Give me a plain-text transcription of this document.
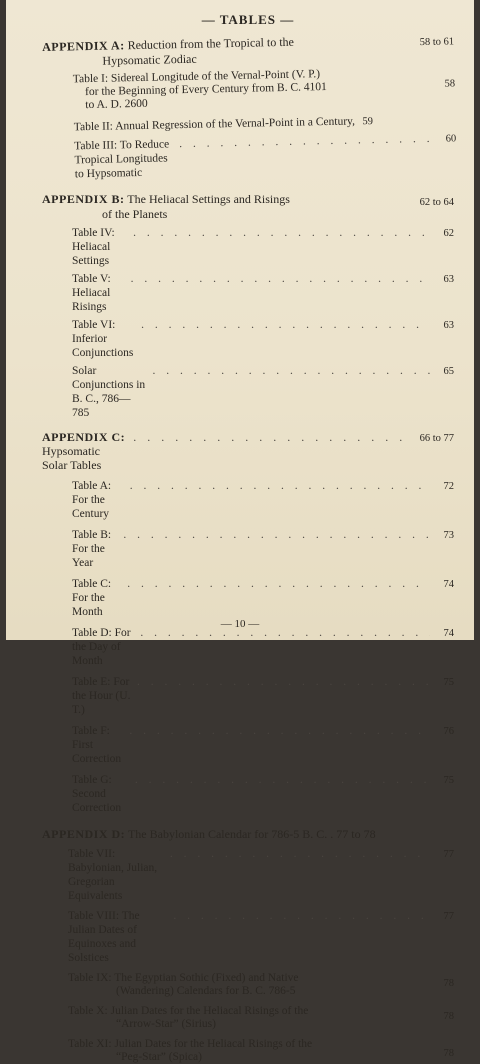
— TABLES —
APPENDIX A: Reduction from the Tropical to the
Hypsomatic Zodiac
58 to 61
Table I: Sidereal Longitude of the Vernal-Point (V. P.)
for the Beginning of Every Century from B. C. 4101
to A. D. 2600
58
Table II: Annual Regression of the Vernal-Point in a Century, 59
Table III: To Reduce Tropical Longitudes to Hypsomatic
. . .
60
APPENDIX B: The Heliacal Settings and Risings
of the Planets
62 to 64
Table IV: Heliacal Settings
. . .
62
Table V: Heliacal Risings
. . .
63
Table VI: Inferior Conjunctions
. . .
63
Solar Conjunctions in B. C., 786—785
. . .
65
APPENDIX C: Hypsomatic Solar Tables
. . .
66 to 77
Table A: For the Century
. . .
72
Table B: For the Year
. . .
73
Table C: For the Month
. . .
74
Table D: For the Day of Month
. . .
74
Table E: For the Hour (U. T.)
. . .
75
Table F: First Correction
. . .
76
Table G: Second Correction
. . .
75
APPENDIX D: The Babylonian Calendar for 786-5 B. C. . 77 to 78
Table VII: Babylonian, Julian, Gregorian Equivalents
. . .
77
Table VIII: The Julian Dates of Equinoxes and Solstices
. . .
77
Table IX: The Egyptian Sothic (Fixed) and Native
(Wandering) Calendars for B. C. 786-5
78
Table X: Julian Dates for the Heliacal Risings of the
“Arrow-Star” (Sirius)
78
Table XI: Julian Dates for the Heliacal Risings of the
“Peg-Star” (Spica)	78
— 10 —
